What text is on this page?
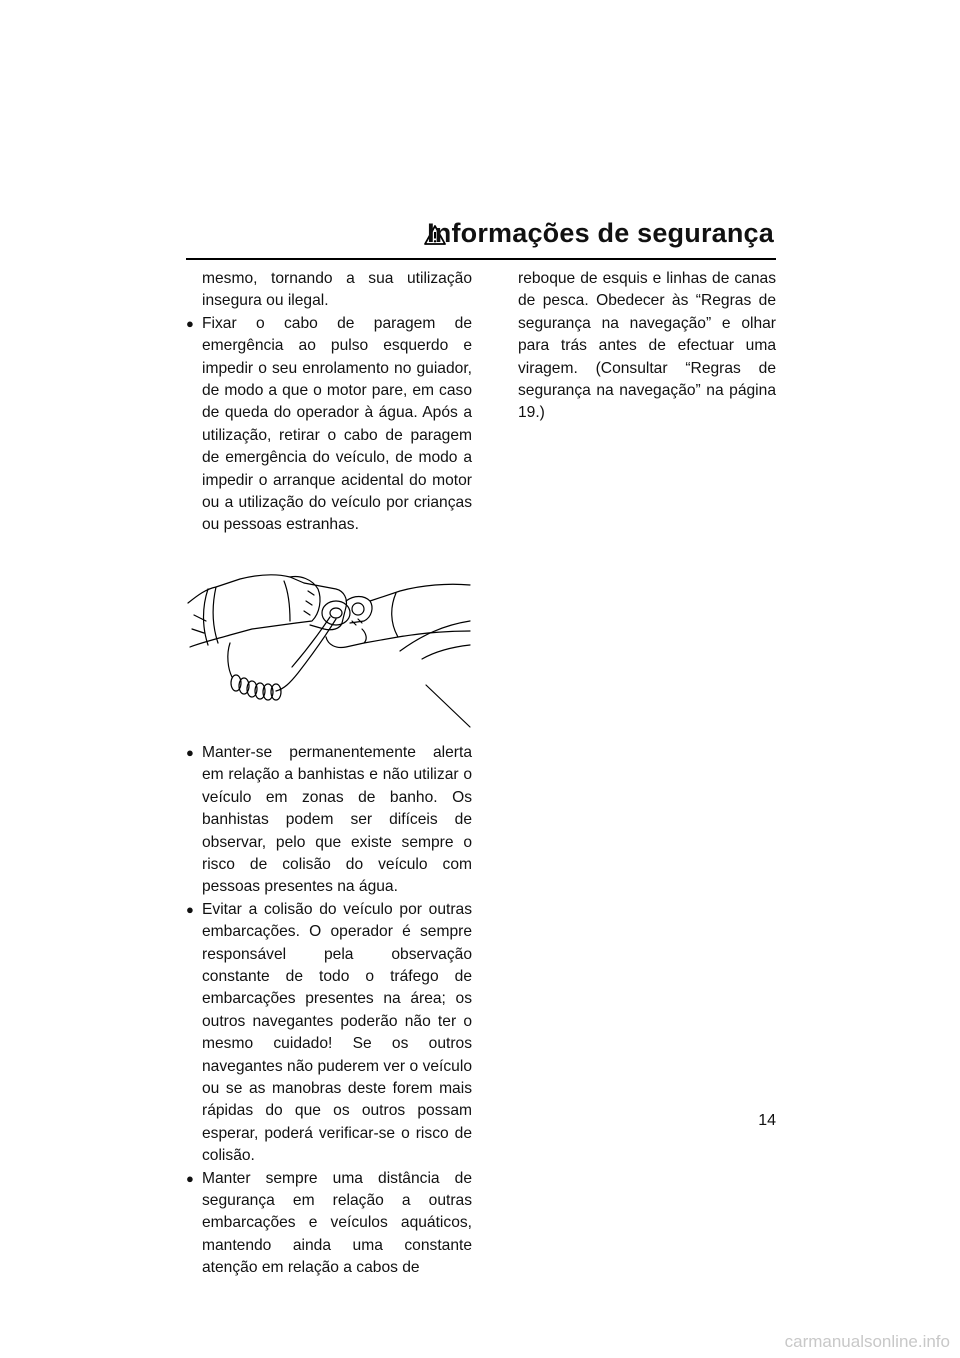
Informações de segurança
mesmo, tornando a sua utilização insegura ou ilegal.
● Fixar o cabo de paragem de emergência ao pulso esquerdo e impedir o seu enrolamento no guiador, de modo a que o motor pare, em caso de queda do operador à água. Após a utilização, retirar o cabo de paragem de emergência do veículo, de modo a impedir o arranque acidental do motor ou a utilização do veículo por crianças ou pessoas estranhas.
● Manter-se permanentemente alerta em relação a banhistas e não utilizar o veículo em zonas de banho. Os banhistas podem ser difíceis de observar, pelo que existe sempre o risco de colisão do veículo com pessoas presentes na água.
● Evitar a colisão do veículo por outras embarcações. O operador é sempre responsável pela observação constante de todo o tráfego de embarcações presentes na área; os outros navegantes poderão não ter o mesmo cuidado! Se os outros navegantes não puderem ver o veículo ou se as manobras deste forem mais rápidas do que os outros possam esperar, poderá verificar-se o risco de colisão.
● Manter sempre uma distância de segurança em relação a outras embarcações e veículos aquáticos, mantendo ainda uma constante atenção em relação a cabos de
reboque de esquis e linhas de canas de pesca. Obedecer às “Regras de segurança na navegação” e olhar para trás antes de efectuar uma viragem. (Consultar “Regras de segurança na navegação” na página 19.)
14
carmanualsonline.info
